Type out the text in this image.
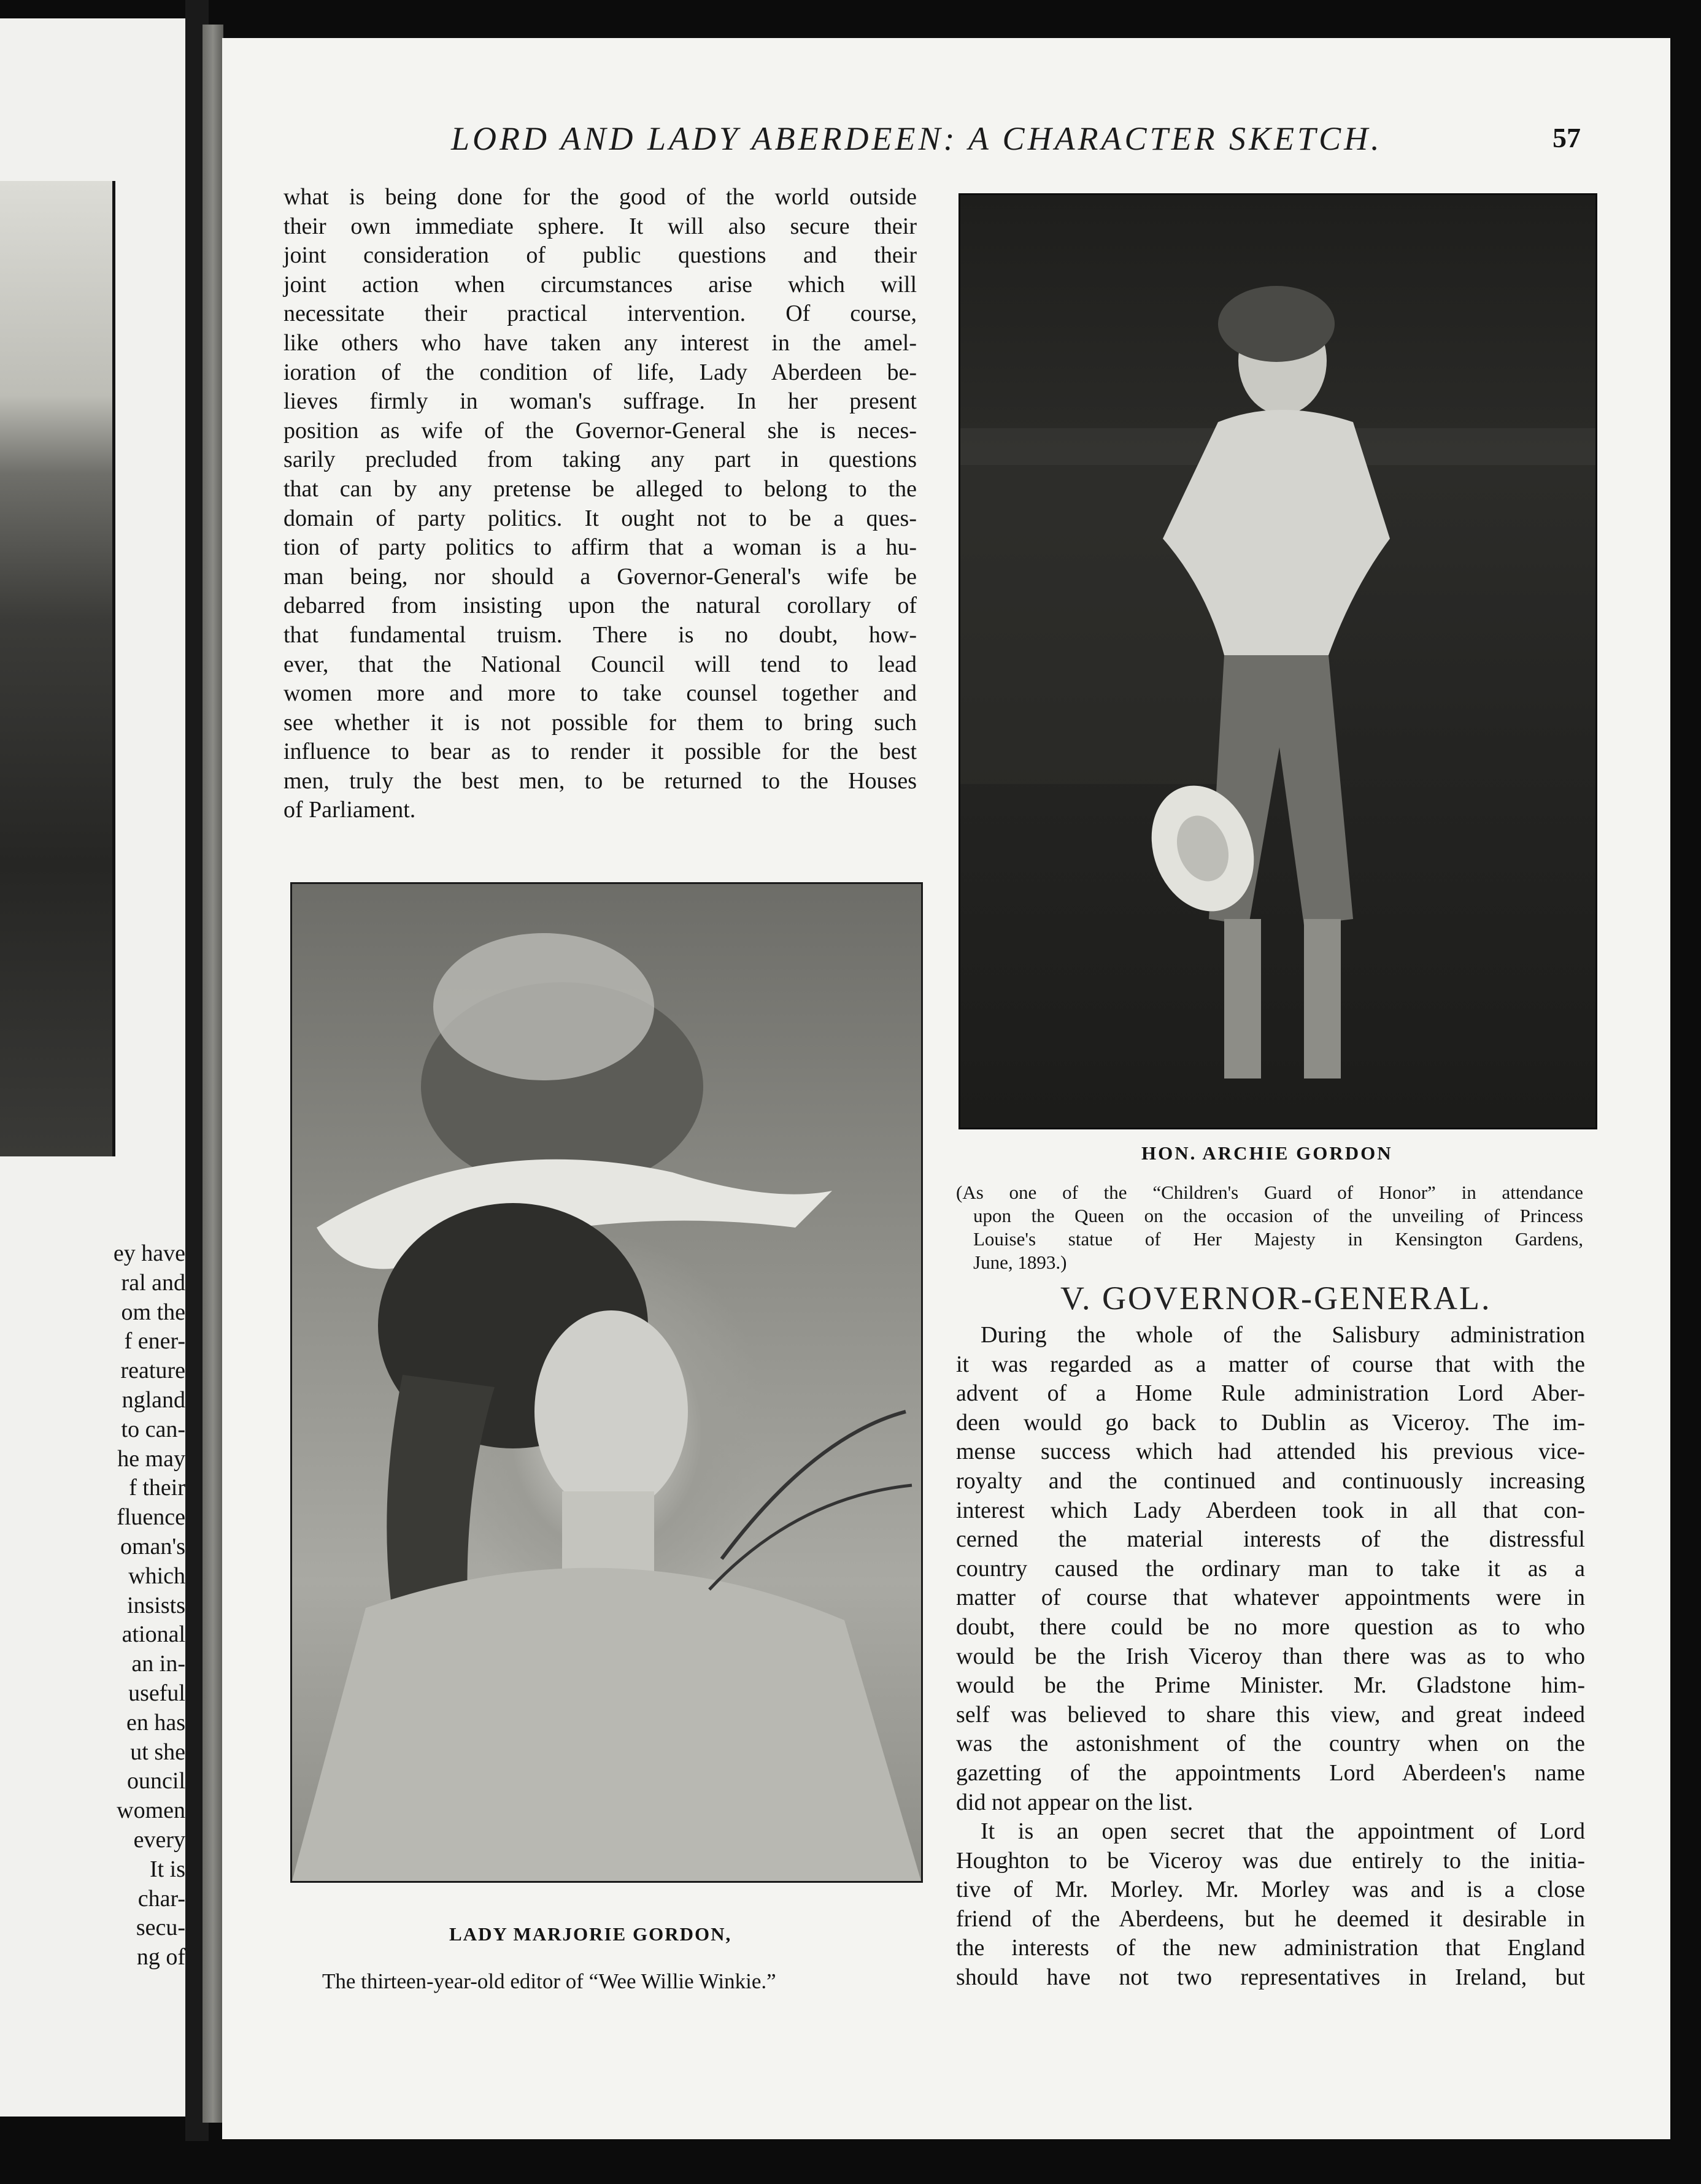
ey have
ral and
om the
f ener-
reature
ngland
to can-
he may
f their
fluence
oman's
which
insists
ational
an in-
useful
en has
ut she
ouncil
women
every
It is
char-
secu-
ng of
LORD AND LADY ABERDEEN: A CHARACTER SKETCH.	57
what is being done for the good of the world outside
their own immediate sphere. It will also secure their
joint consideration of public questions and their
joint action when circumstances arise which will
necessitate their practical intervention. Of course,
like others who have taken any interest in the amel-
ioration of the condition of life, Lady Aberdeen be-
lieves firmly in woman's suffrage. In her present
position as wife of the Governor-General she is neces-
sarily precluded from taking any part in questions
that can by any pretense be alleged to belong to the
domain of party politics. It ought not to be a ques-
tion of party politics to affirm that a woman is a hu-
man being, nor should a Governor-General's wife be
debarred from insisting upon the natural corollary of
that fundamental truism. There is no doubt, how-
ever, that the National Council will tend to lead
women more and more to take counsel together and
see whether it is not possible for them to bring such
influence to bear as to render it possible for the best
men, truly the best men, to be returned to the Houses
of Parliament.
HON. ARCHIE GORDON
(As one of the “Children's Guard of Honor” in attendance
upon the Queen on the occasion of the unveiling of Princess
Louise's statue of Her Majesty in Kensington Gardens,
June, 1893.)
V. GOVERNOR-GENERAL.
During the whole of the Salisbury administration
it was regarded as a matter of course that with the
advent of a Home Rule administration Lord Aber-
deen would go back to Dublin as Viceroy. The im-
mense success which had attended his previous vice-
royalty and the continued and continuously increasing
interest which Lady Aberdeen took in all that con-
cerned the material interests of the distressful
country caused the ordinary man to take it as a
matter of course that whatever appointments were in
doubt, there could be no more question as to who
would be the Irish Viceroy than there was as to who
would be the Prime Minister. Mr. Gladstone him-
self was believed to share this view, and great indeed
was the astonishment of the country when on the
gazetting of the appointments Lord Aberdeen's name
did not appear on the list.
It is an open secret that the appointment of Lord
Houghton to be Viceroy was due entirely to the initia-
tive of Mr. Morley. Mr. Morley was and is a close
friend of the Aberdeens, but he deemed it desirable in
the interests of the new administration that England
should have not two representatives in Ireland, but
LADY MARJORIE GORDON,
The thirteen-year-old editor of “Wee Willie Winkie.”
